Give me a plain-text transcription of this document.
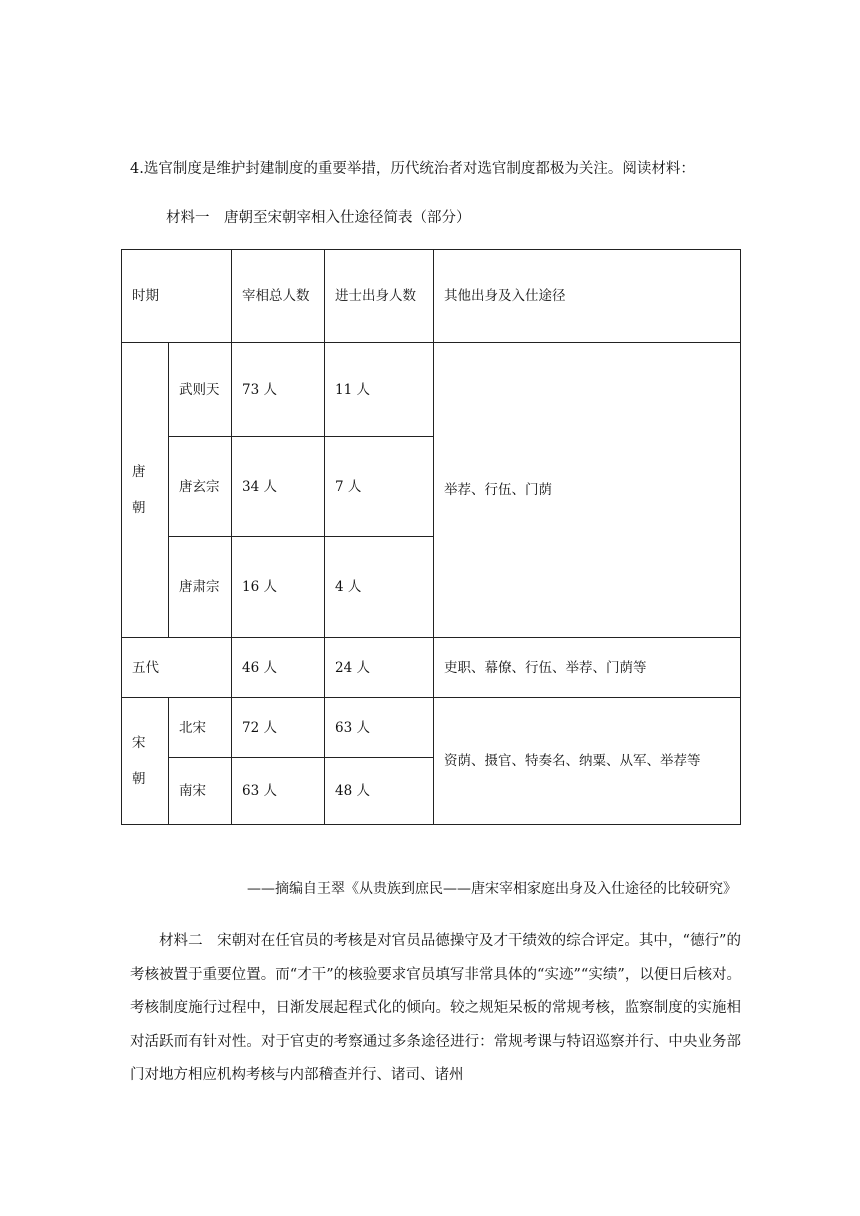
4.选官制度是维护封建制度的重要举措，历代统治者对选官制度都极为关注。阅读材料：
材料一　唐朝至宋朝宰相入仕途径简表（部分）
时期		宰相总人数	进士出身人数	其他出身及入仕途径
唐朝	武则天	73 人	11 人	举荐、行伍、门荫
	唐玄宗	34 人	7 人	
	唐肃宗	16 人	4 人	
五代		46 人	24 人	吏职、幕僚、行伍、举荐、门荫等
宋朝	北宋	72 人	63 人	资荫、摄官、特奏名、纳粟、从军、举荐等
	南宋	63 人	48 人	
——摘编自王翠《从贵族到庶民——唐宋宰相家庭出身及入仕途径的比较研究》
材料二　宋朝对在任官员的考核是对官员品德操守及才干绩效的综合评定。其中，“德行”的考核被置于重要位置。而“才干”的核验要求官员填写非常具体的“实迹”“实绩”，以便日后核对。考核制度施行过程中，日渐发展起程式化的倾向。较之规矩呆板的常规考核，监察制度的实施相对活跃而有针对性。对于官吏的考察通过多条途径进行：常规考课与特诏巡察并行、中央业务部门对地方相应机构考核与内部稽查并行、诸司、诸州
